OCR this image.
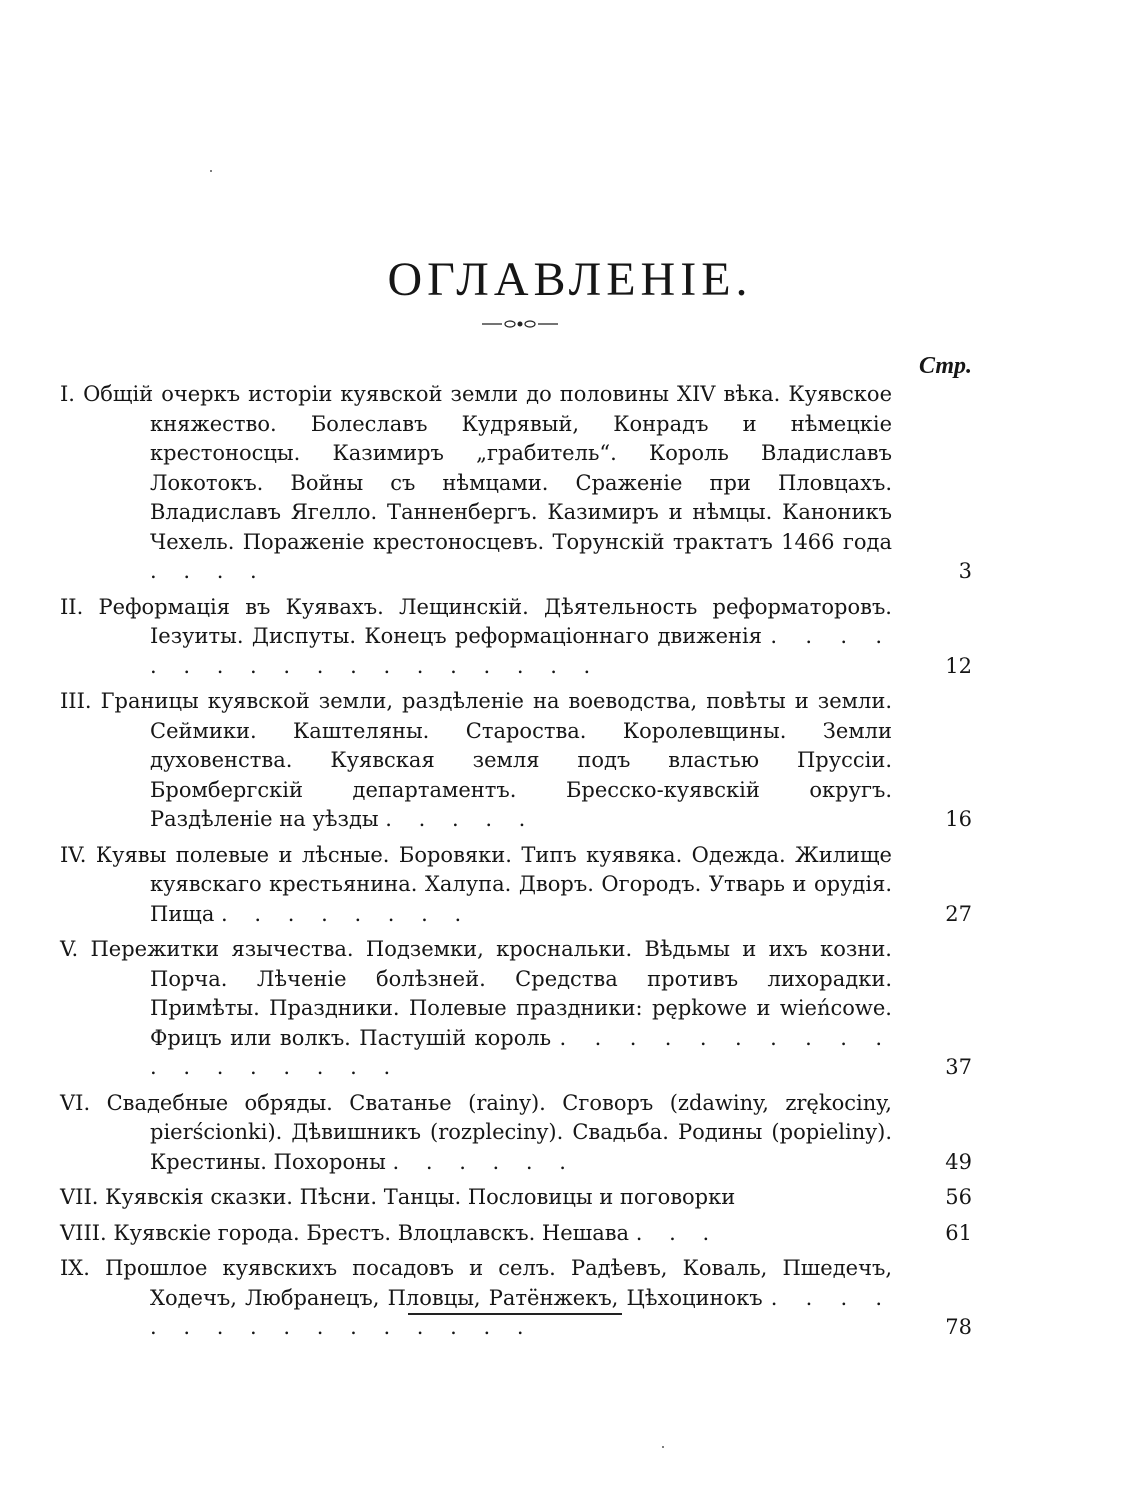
ОГЛАВЛЕНIЕ.
Стр.
I. Общiй очеркъ исторiи куявской земли до половины XIV вѣка. Куявское княжество. Болеславъ Кудрявый, Конрадъ и нѣмецкiе крестоносцы. Казимиръ „грабитель“. Король Владиславъ Локотокъ. Войны съ нѣмцами. Сраженiе при Пловцахъ. Владиславъ Ягелло. Танненбергъ. Казимиръ и нѣмцы. Каноникъ Чехель. Пораженiе крестоносцевъ. Торунскiй трактатъ 1466 года . . . .	3
II. Реформацiя въ Куявахъ. Лещинскiй. Дѣятельность реформаторовъ. Iезуиты. Диспуты. Конецъ реформацiоннаго движенiя . . . . . . . . . . . . . . . . . .	12
III. Границы куявской земли, раздѣленiе на воеводства, повѣты и земли. Сеймики. Каштеляны. Староства. Королевщины. Земли духовенства. Куявская земля подъ властью Пруссiи. Бромбергскiй департаментъ. Бресско-куявскiй округъ. Раздѣленiе на уѣзды . . . . .	16
IV. Куявы полевые и лѣсные. Боровяки. Типъ куявяка. Одежда. Жилище куявскаго крестьянина. Халупа. Дворъ. Огородъ. Утварь и орудiя. Пища . . . . . . . .	27
V. Пережитки язычества. Подземки, кроснальки. Вѣдьмы и ихъ козни. Порча. Лѣченiе болѣзней. Средства противъ лихорадки. Примѣты. Праздники. Полевые праздники: pępkowe и wieńcowe. Фрицъ или волкъ. Пастушiй король . . . . . . . . . . . . . . . . . .	37
VI. Свадебные обряды. Сватанье (rainy). Сговоръ (zdawiny, zrękociny, pierścionki). Дѣвишникъ (rozpleciny). Свадьба. Родины (popieliny). Крестины. Похороны . . . . . .	49
VII. Куявскiя сказки. Пѣсни. Танцы. Пословицы и поговорки	56
VIII. Куявскiе города. Брестъ. Влоцлавскъ. Нешава . . .	61
IX. Прошлое куявскихъ посадовъ и селъ. Радѣевъ, Коваль, Пшедечъ, Ходечъ, Любранецъ, Пловцы, Ратёнжекъ, Цѣхоцинокъ . . . . . . . . . . . . . . . .	78
